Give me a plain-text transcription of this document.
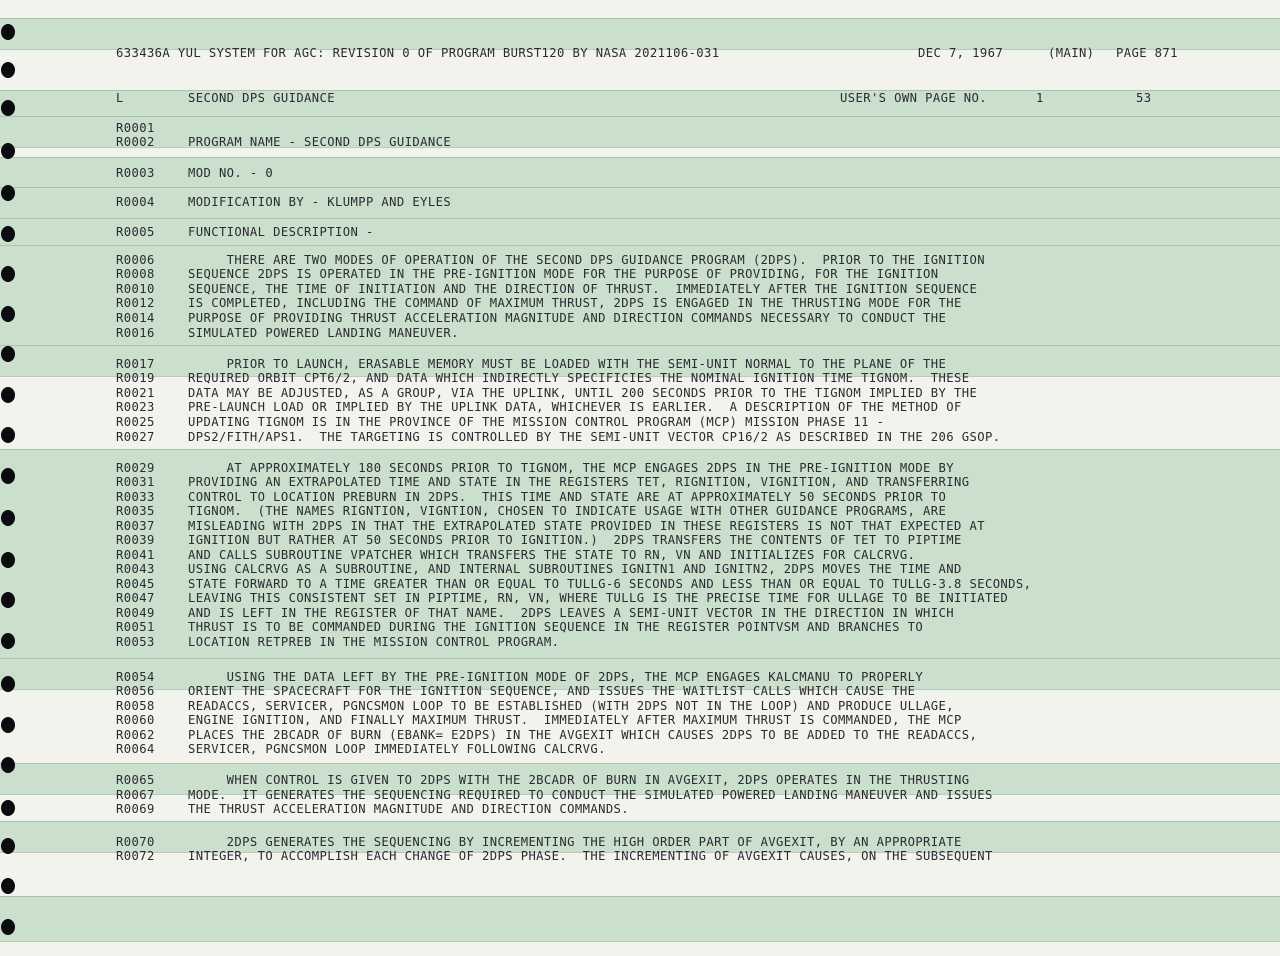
633436A YUL SYSTEM FOR AGC: REVISION 0 OF PROGRAM BURST120 BY NASA 2021106-031	DEC 7, 1967	(MAIN) PAGE 871
L	SECOND DPS GUIDANCE	USER'S OWN PAGE NO.	1	53
R0001
R0002	PROGRAM NAME - SECOND DPS GUIDANCE
R0003	MOD NO. - 0
R0004	MODIFICATION BY - KLUMPP AND EYLES
R0005	FUNCTIONAL DESCRIPTION -
R0006	THERE ARE TWO MODES OF OPERATION OF THE SECOND DPS GUIDANCE PROGRAM (2DPS).  PRIOR TO THE IGNITION
R0008	SEQUENCE 2DPS IS OPERATED IN THE PRE-IGNITION MODE FOR THE PURPOSE OF PROVIDING, FOR THE IGNITION
R0010	SEQUENCE, THE TIME OF INITIATION AND THE DIRECTION OF THRUST.  IMMEDIATELY AFTER THE IGNITION SEQUENCE
R0012	IS COMPLETED, INCLUDING THE COMMAND OF MAXIMUM THRUST, 2DPS IS ENGAGED IN THE THRUSTING MODE FOR THE
R0014	PURPOSE OF PROVIDING THRUST ACCELERATION MAGNITUDE AND DIRECTION COMMANDS NECESSARY TO CONDUCT THE
R0016	SIMULATED POWERED LANDING MANEUVER.
R0017	PRIOR TO LAUNCH, ERASABLE MEMORY MUST BE LOADED WITH THE SEMI-UNIT NORMAL TO THE PLANE OF THE
R0019	REQUIRED ORBIT CPT6/2, AND DATA WHICH INDIRECTLY SPECIFICIES THE NOMINAL IGNITION TIME TIGNOM.  THESE
R0021	DATA MAY BE ADJUSTED, AS A GROUP, VIA THE UPLINK, UNTIL 200 SECONDS PRIOR TO THE TIGNOM IMPLIED BY THE
R0023	PRE-LAUNCH LOAD OR IMPLIED BY THE UPLINK DATA, WHICHEVER IS EARLIER.  A DESCRIPTION OF THE METHOD OF
R0025	UPDATING TIGNOM IS IN THE PROVINCE OF THE MISSION CONTROL PROGRAM (MCP) MISSION PHASE 11 -
R0027	DPS2/FITH/APS1.  THE TARGETING IS CONTROLLED BY THE SEMI-UNIT VECTOR CP16/2 AS DESCRIBED IN THE 206 GSOP.
R0029	AT APPROXIMATELY 180 SECONDS PRIOR TO TIGNOM, THE MCP ENGAGES 2DPS IN THE PRE-IGNITION MODE BY
R0031	PROVIDING AN EXTRAPOLATED TIME AND STATE IN THE REGISTERS TET, RIGNITION, VIGNITION, AND TRANSFERRING
R0033	CONTROL TO LOCATION PREBURN IN 2DPS.  THIS TIME AND STATE ARE AT APPROXIMATELY 50 SECONDS PRIOR TO
R0035	TIGNOM.  (THE NAMES RIGNTION, VIGNTION, CHOSEN TO INDICATE USAGE WITH OTHER GUIDANCE PROGRAMS, ARE
R0037	MISLEADING WITH 2DPS IN THAT THE EXTRAPOLATED STATE PROVIDED IN THESE REGISTERS IS NOT THAT EXPECTED AT
R0039	IGNITION BUT RATHER AT 50 SECONDS PRIOR TO IGNITION.)  2DPS TRANSFERS THE CONTENTS OF TET TO PIPTIME
R0041	AND CALLS SUBROUTINE VPATCHER WHICH TRANSFERS THE STATE TO RN, VN AND INITIALIZES FOR CALCRVG.
R0043	USING CALCRVG AS A SUBROUTINE, AND INTERNAL SUBROUTINES IGNITN1 AND IGNITN2, 2DPS MOVES THE TIME AND
R0045	STATE FORWARD TO A TIME GREATER THAN OR EQUAL TO TULLG-6 SECONDS AND LESS THAN OR EQUAL TO TULLG-3.8 SECONDS,
R0047	LEAVING THIS CONSISTENT SET IN PIPTIME, RN, VN, WHERE TULLG IS THE PRECISE TIME FOR ULLAGE TO BE INITIATED
R0049	AND IS LEFT IN THE REGISTER OF THAT NAME.  2DPS LEAVES A SEMI-UNIT VECTOR IN THE DIRECTION IN WHICH
R0051	THRUST IS TO BE COMMANDED DURING THE IGNITION SEQUENCE IN THE REGISTER POINTVSM AND BRANCHES TO
R0053	LOCATION RETPREB IN THE MISSION CONTROL PROGRAM.
R0054	USING THE DATA LEFT BY THE PRE-IGNITION MODE OF 2DPS, THE MCP ENGAGES KALCMANU TO PROPERLY
R0056	ORIENT THE SPACECRAFT FOR THE IGNITION SEQUENCE, AND ISSUES THE WAITLIST CALLS WHICH CAUSE THE
R0058	READACCS, SERVICER, PGNCSMON LOOP TO BE ESTABLISHED (WITH 2DPS NOT IN THE LOOP) AND PRODUCE ULLAGE,
R0060	ENGINE IGNITION, AND FINALLY MAXIMUM THRUST.  IMMEDIATELY AFTER MAXIMUM THRUST IS COMMANDED, THE MCP
R0062	PLACES THE 2BCADR OF BURN (EBANK= E2DPS) IN THE AVGEXIT WHICH CAUSES 2DPS TO BE ADDED TO THE READACCS,
R0064	SERVICER, PGNCSMON LOOP IMMEDIATELY FOLLOWING CALCRVG.
R0065	WHEN CONTROL IS GIVEN TO 2DPS WITH THE 2BCADR OF BURN IN AVGEXIT, 2DPS OPERATES IN THE THRUSTING
R0067	MODE.  IT GENERATES THE SEQUENCING REQUIRED TO CONDUCT THE SIMULATED POWERED LANDING MANEUVER AND ISSUES
R0069	THE THRUST ACCELERATION MAGNITUDE AND DIRECTION COMMANDS.
R0070	2DPS GENERATES THE SEQUENCING BY INCREMENTING THE HIGH ORDER PART OF AVGEXIT, BY AN APPROPRIATE
R0072	INTEGER, TO ACCOMPLISH EACH CHANGE OF 2DPS PHASE.  THE INCREMENTING OF AVGEXIT CAUSES, ON THE SUBSEQUENT
